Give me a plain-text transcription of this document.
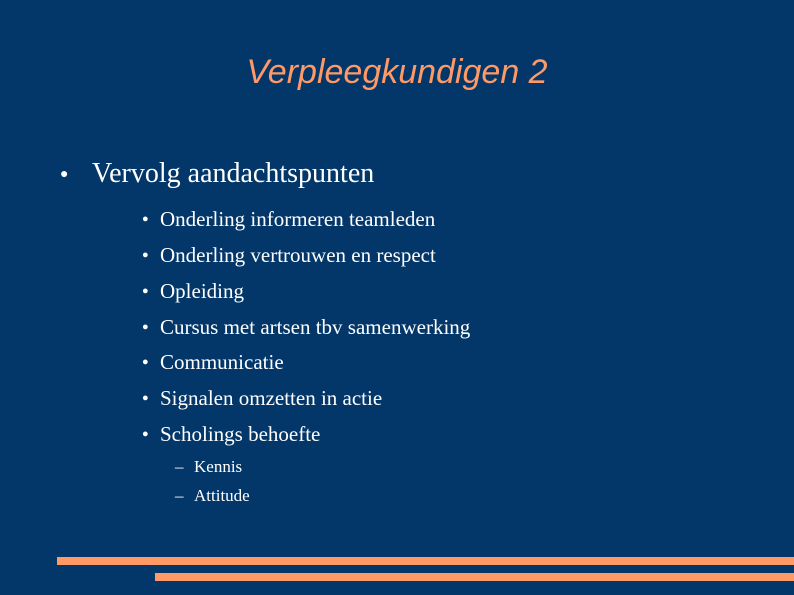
Verpleegkundigen 2
● Vervolg aandachtspunten
● Onderling informeren teamleden
● Onderling vertrouwen en respect
● Opleiding
● Cursus met artsen tbv samenwerking
● Communicatie
● Signalen omzetten in actie
● Scholings behoefte
– Kennis
– Attitude
